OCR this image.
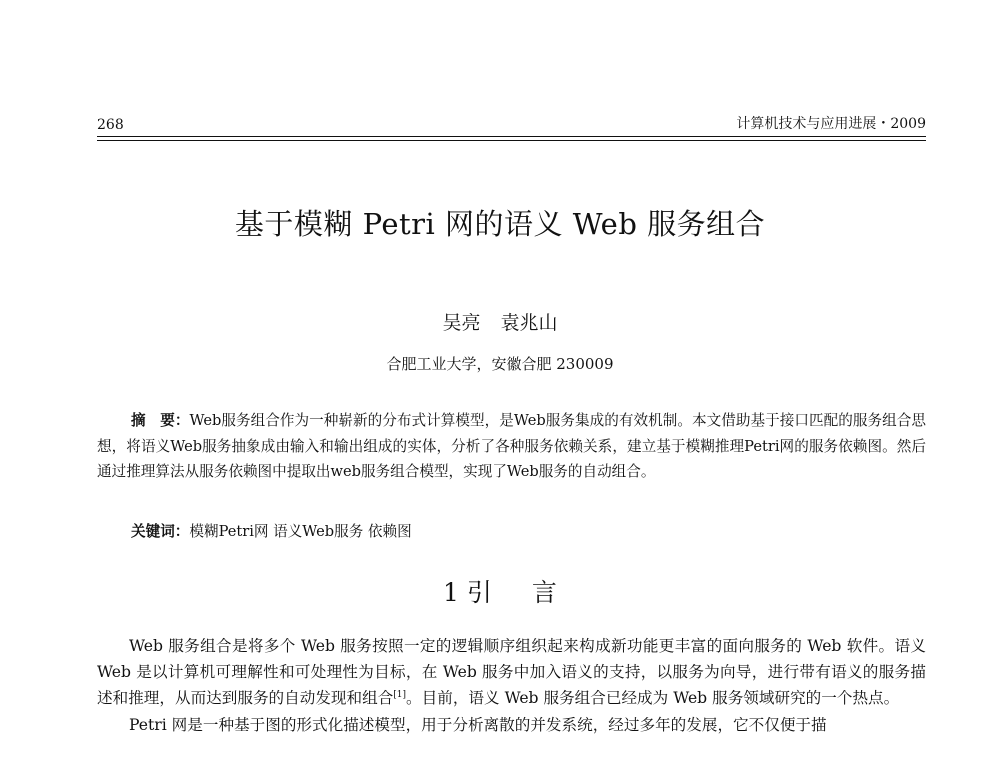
268	计算机技术与应用进展・2009
基于模糊 Petri 网的语义 Web 服务组合
吴亮 袁兆山
合肥工业大学，安徽合肥 230009
摘　要：Web服务组合作为一种崭新的分布式计算模型，是Web服务集成的有效机制。本文借助基于接口匹配的服务组合思想，将语义Web服务抽象成由输入和输出组成的实体，分析了各种服务依赖关系，建立基于模糊推理Petri网的服务依赖图。然后通过推理算法从服务依赖图中提取出web服务组合模型，实现了Web服务的自动组合。
关键词：模糊Petri网 语义Web服务 依赖图
1 引 言

Web 服务组合是将多个 Web 服务按照一定的逻辑顺序组织起来构成新功能更丰富的面向服务的 Web 软件。语义 Web 是以计算机可理解性和可处理性为目标，在 Web 服务中加入语义的支持，以服务为向导，进行带有语义的服务描述和推理，从而达到服务的自动发现和组合[1]。目前，语义 Web 服务组合已经成为 Web 服务领域研究的一个热点。

Petri 网是一种基于图的形式化描述模型，用于分析离散的并发系统，经过多年的发展，它不仅便于描
